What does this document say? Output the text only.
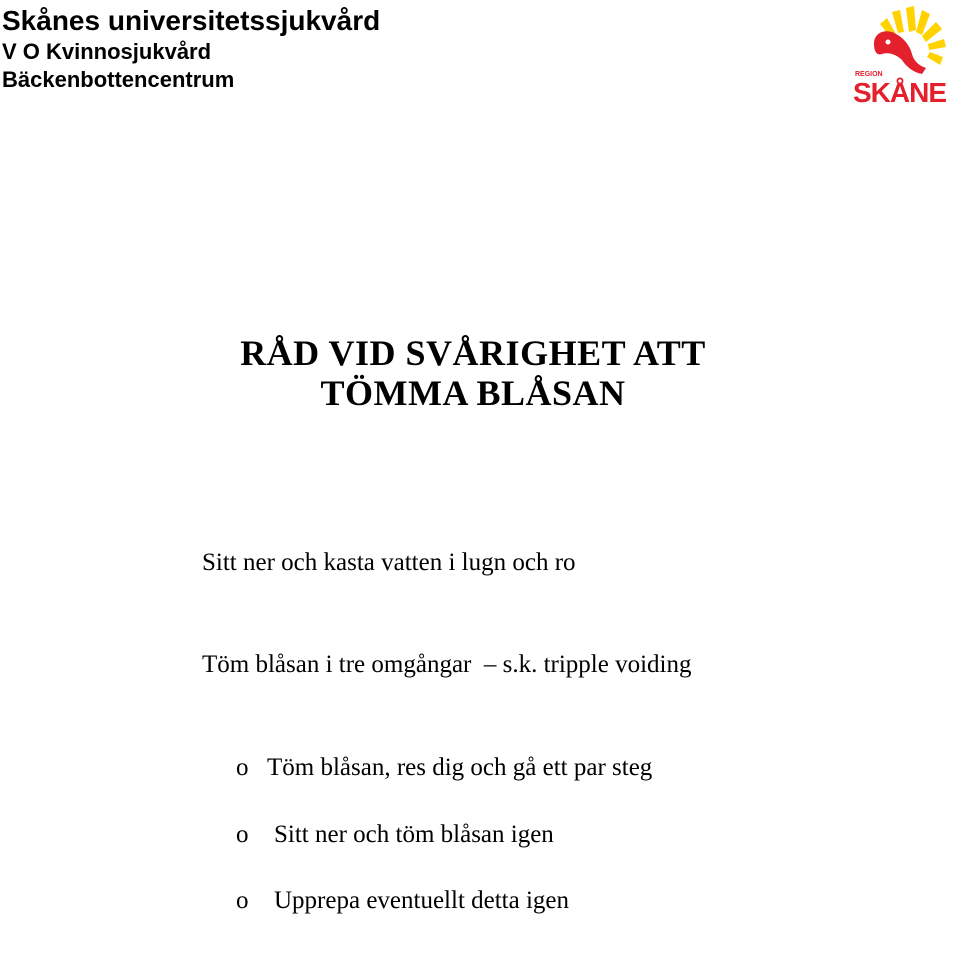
Skånes universitetssjukvård
V O Kvinnosjukvård
Bäckenbottencentrum	REGION
SKÅNE
RÅD VID SVÅRIGHET ATT
TÖMMA BLÅSAN
Sitt ner och kasta vatten i lugn och ro
Töm blåsan i tre omgångar  – s.k. tripple voiding

o

Töm blåsan, res dig och gå ett par steg

o

Sitt ner och töm blåsan igen

o

Upprepa eventuellt detta igen
